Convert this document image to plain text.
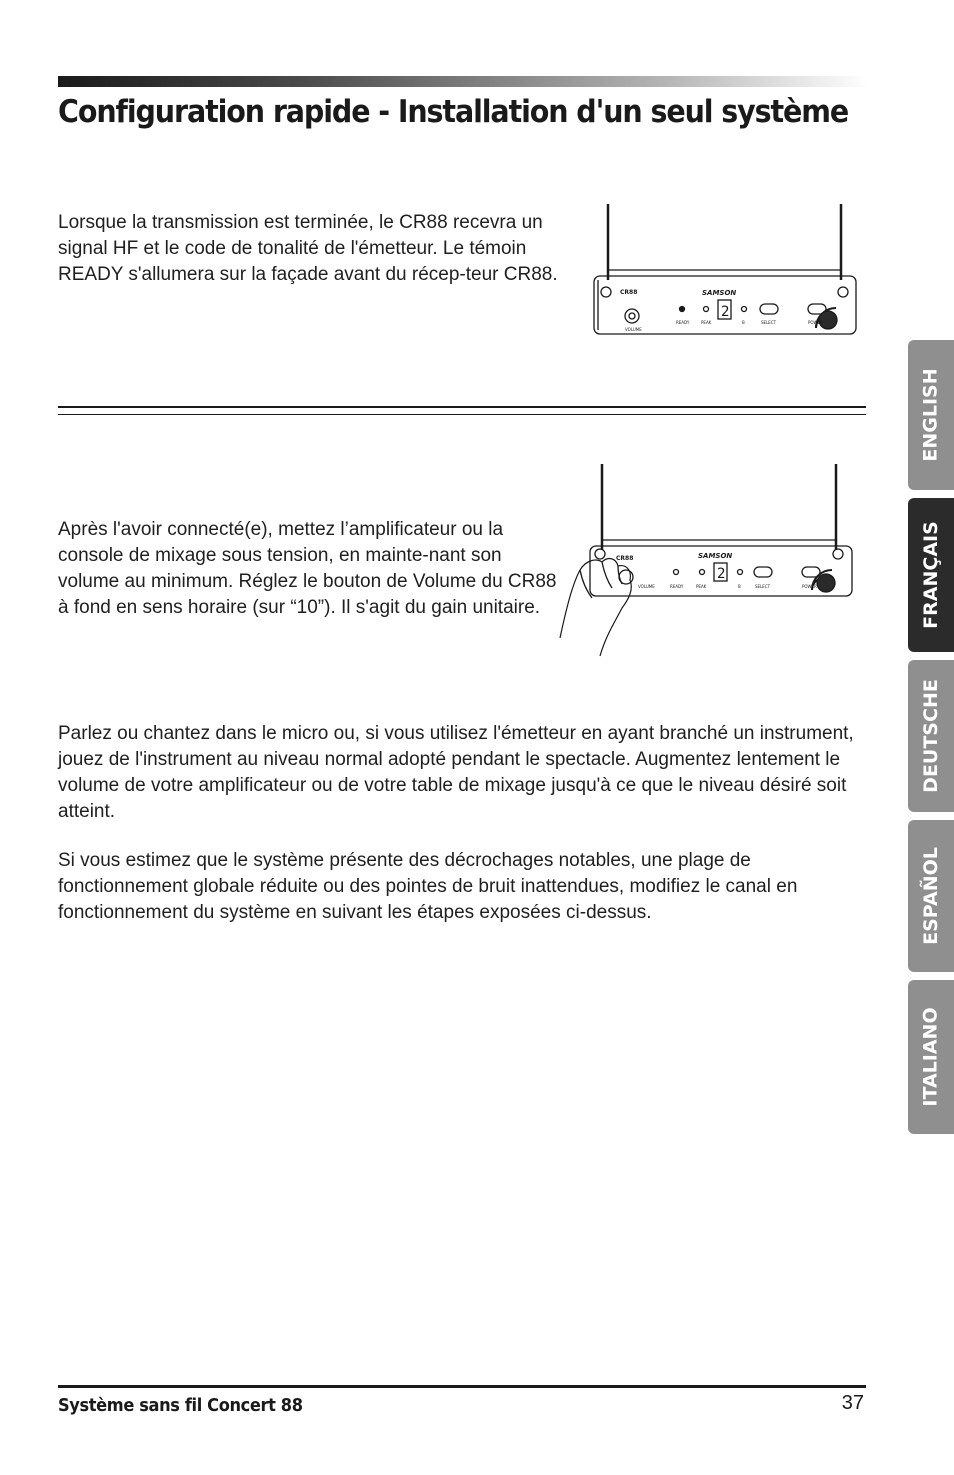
Configuration rapide - Installation d'un seul système

Lorsque la transmission est terminée, le CR88 recevra un signal HF et le code de tonalité de l'émetteur. Le témoin READY s'allumera sur la façade avant du récep-teur CR88.

CR88	SAMSON
2
VOLUME
READY	PEAK	B	SELECT	POWER

Après l'avoir connecté(e), mettez l’amplificateur ou la console de mixage sous tension, en mainte-nant son volume au minimum. Réglez le bouton de Volume du CR88 à fond en sens horaire (sur “10”). Il s'agit du gain unitaire.

CR88	SAMSON
2
VOLUME	READY	PEAK	B	SELECT	POWER

Parlez ou chantez dans le micro ou, si vous utilisez l'émetteur en ayant branché un instrument, jouez de l'instrument au niveau normal adopté pendant le spectacle. Augmentez lentement le volume de votre amplificateur ou de votre table de mixage jusqu'à ce que le niveau désiré soit atteint.

Si vous estimez que le système présente des décrochages notables, une plage de fonctionnement globale réduite ou des pointes de bruit inattendues, modifiez le canal en fonctionnement du système en suivant les étapes exposées ci-dessus.

ENGLISH
FRANÇAIS
DEUTSCHE
ESPAÑOL
ITALIANO
Système sans fil Concert 88	37
